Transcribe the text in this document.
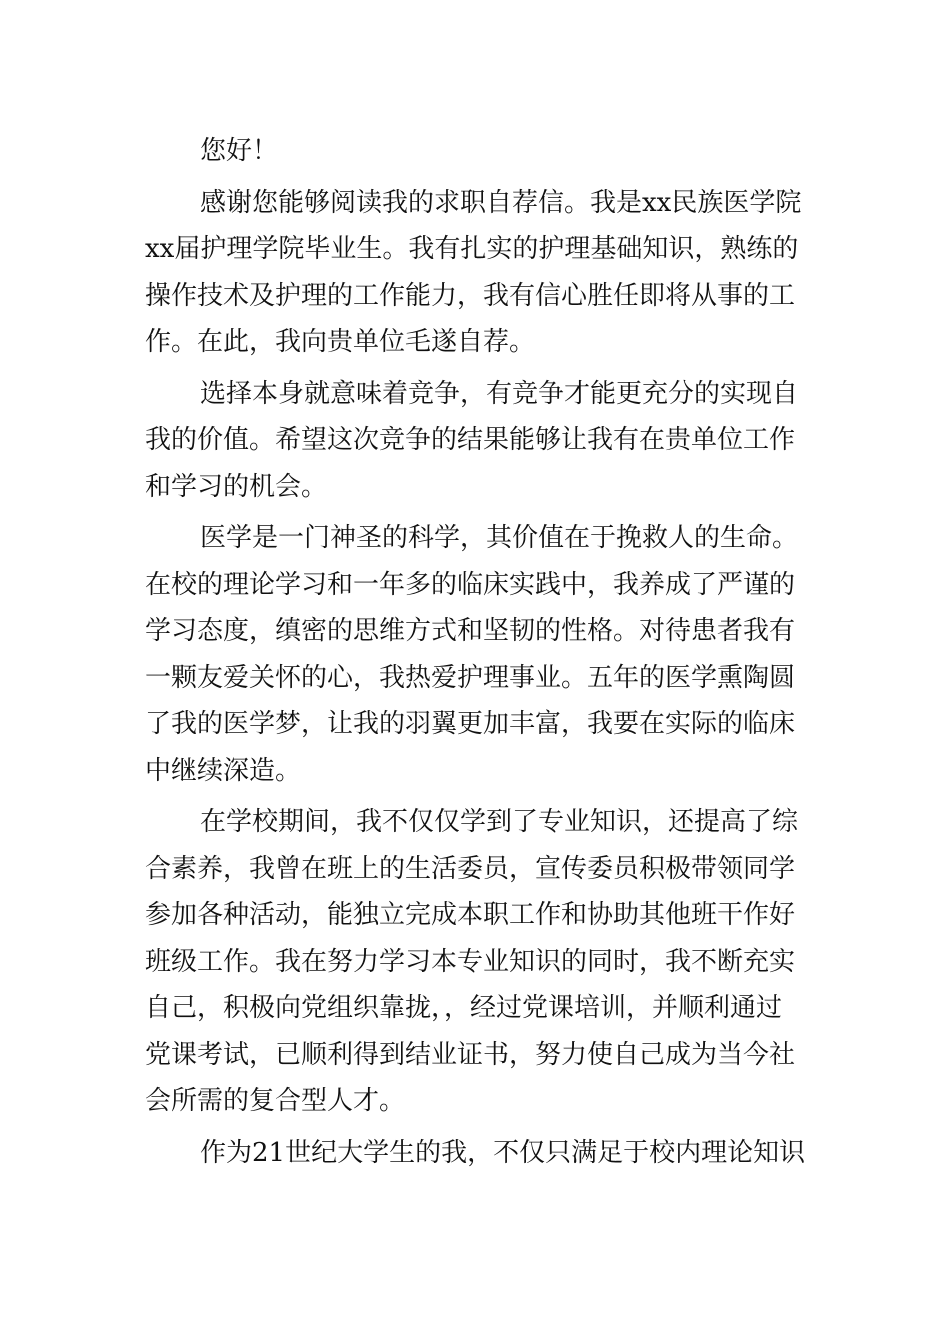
您好！
感谢您能够阅读我的求职自荐信。我是xx民族医学院
xx届护理学院毕业生。我有扎实的护理基础知识，熟练的
操作技术及护理的工作能力，我有信心胜任即将从事的工
作。在此，我向贵单位毛遂自荐。
选择本身就意味着竞争，有竞争才能更充分的实现自
我的价值。希望这次竞争的结果能够让我有在贵单位工作
和学习的机会。
医学是一门神圣的科学，其价值在于挽救人的生命。
在校的理论学习和一年多的临床实践中，我养成了严谨的
学习态度，缜密的思维方式和坚韧的性格。对待患者我有
一颗友爱关怀的心，我热爱护理事业。五年的医学熏陶圆
了我的医学梦，让我的羽翼更加丰富，我要在实际的临床
中继续深造。
在学校期间，我不仅仅学到了专业知识，还提高了综
合素养，我曾在班上的生活委员，宣传委员积极带领同学
参加各种活动，能独立完成本职工作和协助其他班干作好
班级工作。我在努力学习本专业知识的同时，我不断充实
自己，积极向党组织靠拢，，经过党课培训，并顺利通过
党课考试，已顺利得到结业证书，努力使自己成为当今社
会所需的复合型人才。
作为21世纪大学生的我，不仅只满足于校内理论知识
